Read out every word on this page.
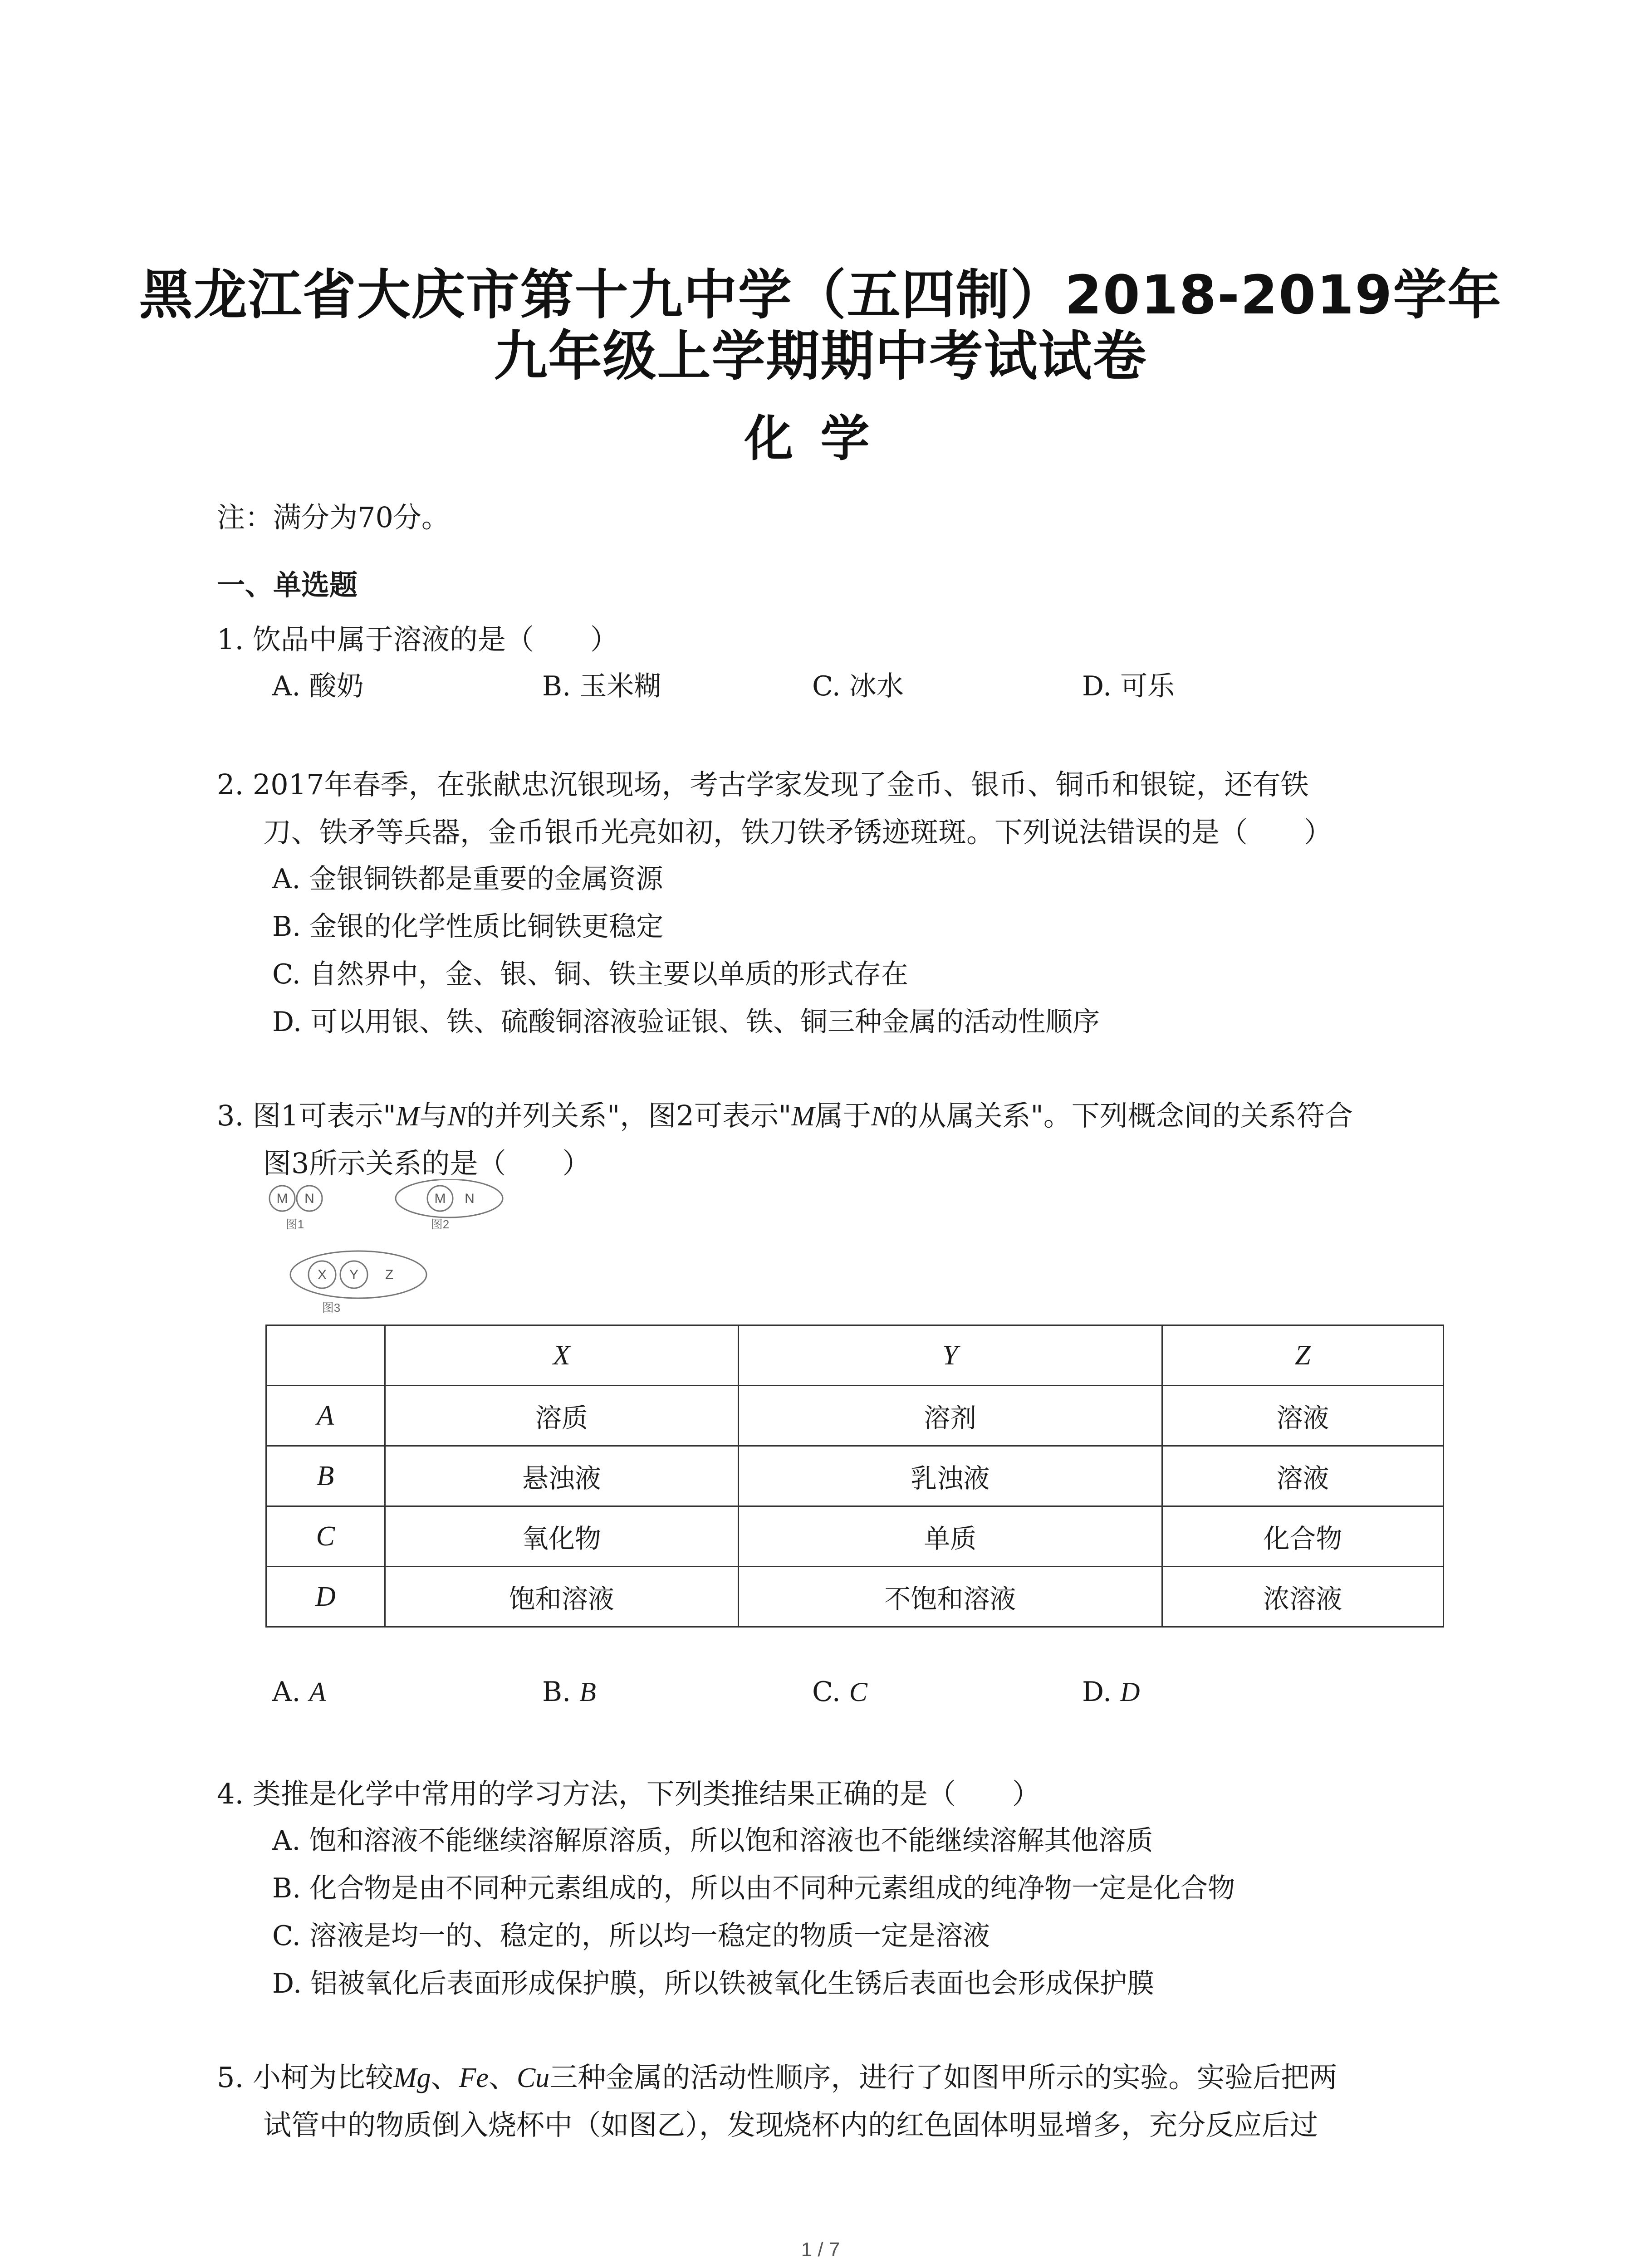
黑龙江省大庆市第十九中学（五四制）2018-2019学年
九年级上学期期中考试试卷
化学
注：满分为70分。
一、单选题
1. 饮品中属于溶液的是（　　）
A. 酸奶	B. 玉米糊	C. 冰水	D. 可乐
2. 2017年春季，在张献忠沉银现场，考古学家发现了金币、银币、铜币和银锭，还有铁
刀、铁矛等兵器，金币银币光亮如初，铁刀铁矛锈迹斑斑。下列说法错误的是（　　）
A. 金银铜铁都是重要的金属资源
B. 金银的化学性质比铜铁更稳定
C. 自然界中，金、银、铜、铁主要以单质的形式存在
D. 可以用银、铁、硫酸铜溶液验证银、铁、铜三种金属的活动性顺序
3. 图1可表示"M与N的并列关系"，图2可表示"M属于N的从属关系"。下列概念间的关系符合
图3所示关系的是（　　）
M N	M N
X Y Z
图1	图2
图3
	X	Y	Z
A	溶质	溶剂	溶液
B	悬浊液	乳浊液	溶液
C	氧化物	单质	化合物
D	饱和溶液	不饱和溶液	浓溶液
A. A	B. B	C. C	D. D
4. 类推是化学中常用的学习方法，下列类推结果正确的是（　　）
A. 饱和溶液不能继续溶解原溶质，所以饱和溶液也不能继续溶解其他溶质
B. 化合物是由不同种元素组成的，所以由不同种元素组成的纯净物一定是化合物
C. 溶液是均一的、稳定的，所以均一稳定的物质一定是溶液
D. 铝被氧化后表面形成保护膜，所以铁被氧化生锈后表面也会形成保护膜
5. 小柯为比较Mg、Fe、Cu三种金属的活动性顺序，进行了如图甲所示的实验。实验后把两
试管中的物质倒入烧杯中（如图乙），发现烧杯内的红色固体明显增多，充分反应后过
1 / 7
